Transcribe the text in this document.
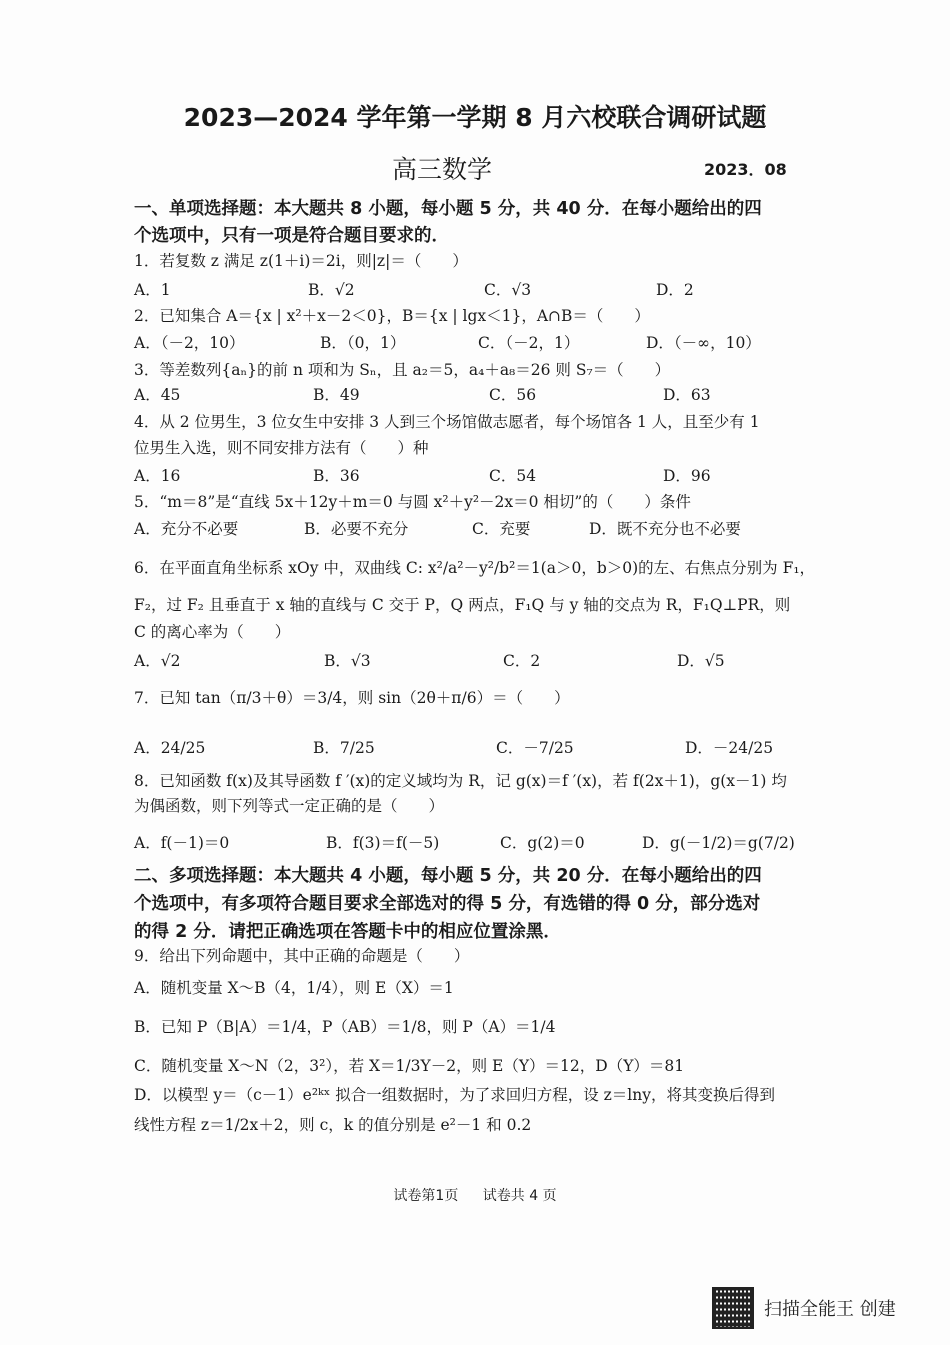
2023—2024 学年第一学期 8 月六校联合调研试题
高三数学	2023．08
一、单项选择题：本大题共 8 小题，每小题 5 分，共 40 分．在每小题给出的四
个选项中，只有一项是符合题目要求的．
1．若复数 z 满足 z(1＋i)＝2i，则|z|＝（　　）
A．1	B．√2	C．√3	D．2
2．已知集合 A＝{x | x²＋x－2＜0}，B＝{x | lgx＜1}，A∩B＝（　　）
A．（－2，10）	B．（0，1）	C．（－2，1）	D．（－∞，10）
3．等差数列{aₙ}的前 n 项和为 Sₙ，且 a₂＝5，a₄＋a₈＝26 则 S₇＝（　　）
A．45	B．49	C．56	D．63
4．从 2 位男生，3 位女生中安排 3 人到三个场馆做志愿者，每个场馆各 1 人，且至少有 1
位男生入选，则不同安排方法有（　　）种
A．16	B．36	C．54	D．96
5．“m＝8”是“直线 5x＋12y＋m＝0 与圆 x²＋y²－2x＝0 相切”的（　　）条件
A．充分不必要	B．必要不充分	C．充要	D．既不充分也不必要
6．在平面直角坐标系 xOy 中，双曲线 C: x²/a²－y²/b²＝1(a＞0，b＞0)的左、右焦点分别为 F₁，
F₂，过 F₂ 且垂直于 x 轴的直线与 C 交于 P，Q 两点，F₁Q 与 y 轴的交点为 R，F₁Q⊥PR，则
C 的离心率为（　　）
A．√2	B．√3	C．2	D．√5
7．已知 tan（π/3＋θ）＝3/4，则 sin（2θ＋π/6）＝（　　）
A．24/25	B．7/25	C．－7/25	D．－24/25
8．已知函数 f(x)及其导函数 f ′(x)的定义域均为 R，记 g(x)＝f ′(x)，若 f(2x＋1)，g(x－1) 均
为偶函数，则下列等式一定正确的是（　　）
A．f(－1)＝0	B．f(3)＝f(－5)	C．g(2)＝0	D．g(－1/2)＝g(7/2)
二、多项选择题：本大题共 4 小题，每小题 5 分，共 20 分．在每小题给出的四
个选项中，有多项符合题目要求全部选对的得 5 分，有选错的得 0 分，部分选对
的得 2 分．请把正确选项在答题卡中的相应位置涂黑．
9．给出下列命题中，其中正确的命题是（　　）
A．随机变量 X～B（4，1/4），则 E（X）＝1
B．已知 P（B|A）＝1/4，P（AB）＝1/8，则 P（A）＝1/4
C．随机变量 X～N（2，3²），若 X＝1/3Y－2，则 E（Y）＝12，D（Y）＝81
D．以模型 y＝（c－1）e²ᵏˣ 拟合一组数据时，为了求回归方程，设 z＝lny，将其变换后得到
线性方程 z＝1/2x＋2，则 c，k 的值分别是 e²－1 和 0.2
试卷第1页 试卷共 4 页
扫描全能王 创建
